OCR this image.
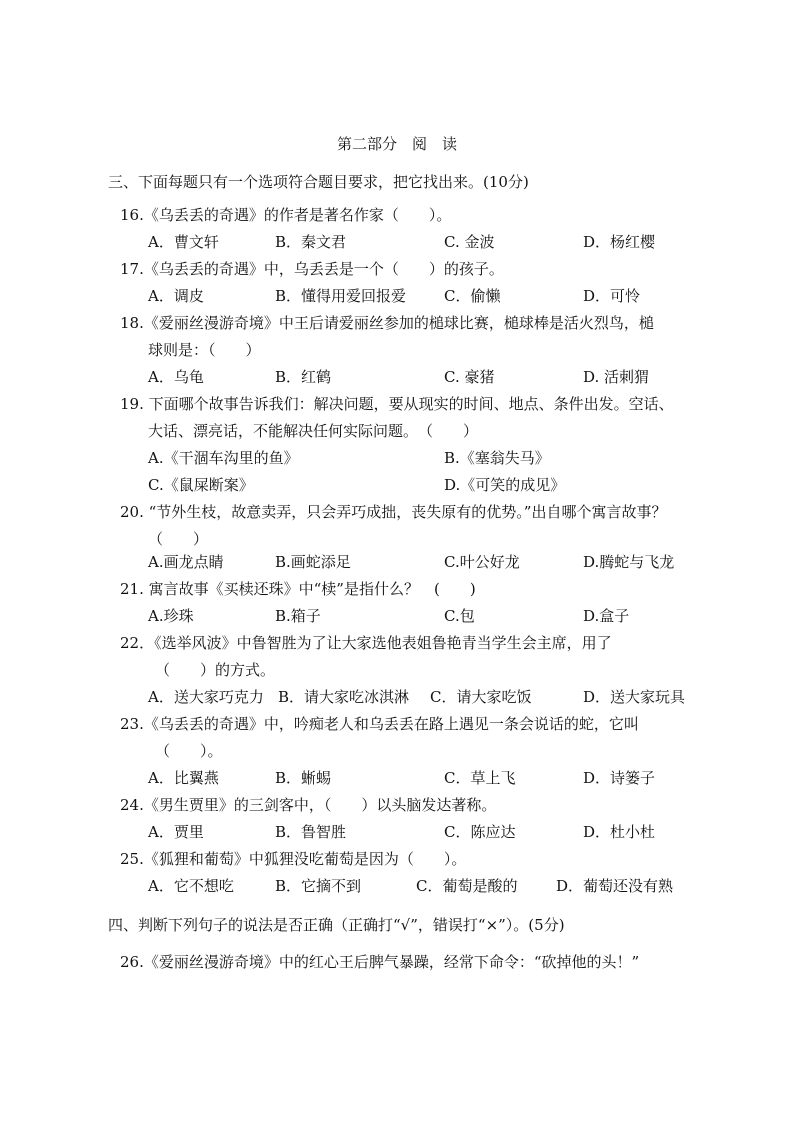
第二部分　阅　读
三、下面每题只有一个选项符合题目要求，把它找出来。(10分)
16.《乌丢丢的奇遇》的作者是著名作家（　　）。
A．曹文轩	B．秦文君	C. 金波	D．杨红樱
17.《乌丢丢的奇遇》中，乌丢丢是一个（　　）的孩子。
A．调皮	B．懂得用爱回报爱	C．偷懒	D．可怜
18.《爱丽丝漫游奇境》中王后请爱丽丝参加的槌球比赛，槌球棒是活火烈鸟，槌
球则是：（　　）
A．乌龟	B．红鹤	C. 豪猪	D. 活刺猬
19. 下面哪个故事告诉我们：解决问题，要从现实的时间、地点、条件出发。空话、
大话、漂亮话，不能解决任何实际问题。　（　　）
A.《干涸车沟里的鱼》	B.《塞翁失马》
C.《鼠屎断案》	D.《可笑的成见》
20. “节外生枝，故意卖弄，只会弄巧成拙，丧失原有的优势。”出自哪个寓言故事？
（　　）
A.画龙点睛	B.画蛇添足	C.叶公好龙	D.腾蛇与飞龙
21. 寓言故事《买椟还珠》中“椟”是指什么？　(　　)
A.珍珠	B.箱子	C.包	D.盒子
22．《选举风波》中鲁智胜为了让大家选他表姐鲁艳青当学生会主席，用了
（　　）的方式。
A．送大家巧克力 B．请大家吃冰淇淋 C．请大家吃饭	D．送大家玩具
23.《乌丢丢的奇遇》中，吟痴老人和乌丢丢在路上遇见一条会说话的蛇，它叫
（　　）。
A．比翼燕	B．蜥蜴	C．草上飞	D．诗篓子
24.《男生贾里》的三剑客中，（　　）以头脑发达著称。
A．贾里	B．鲁智胜	C．陈应达	D．杜小杜
25.《狐狸和葡萄》中狐狸没吃葡萄是因为（　　）。
A．它不想吃	B．它摘不到	C．葡萄是酸的	D．葡萄还没有熟
四、判断下列句子的说法是否正确（正确打“√”，错误打“×”）。(5分)
26.《爱丽丝漫游奇境》中的红心王后脾气暴躁，经常下命令：“砍掉他的头！”
